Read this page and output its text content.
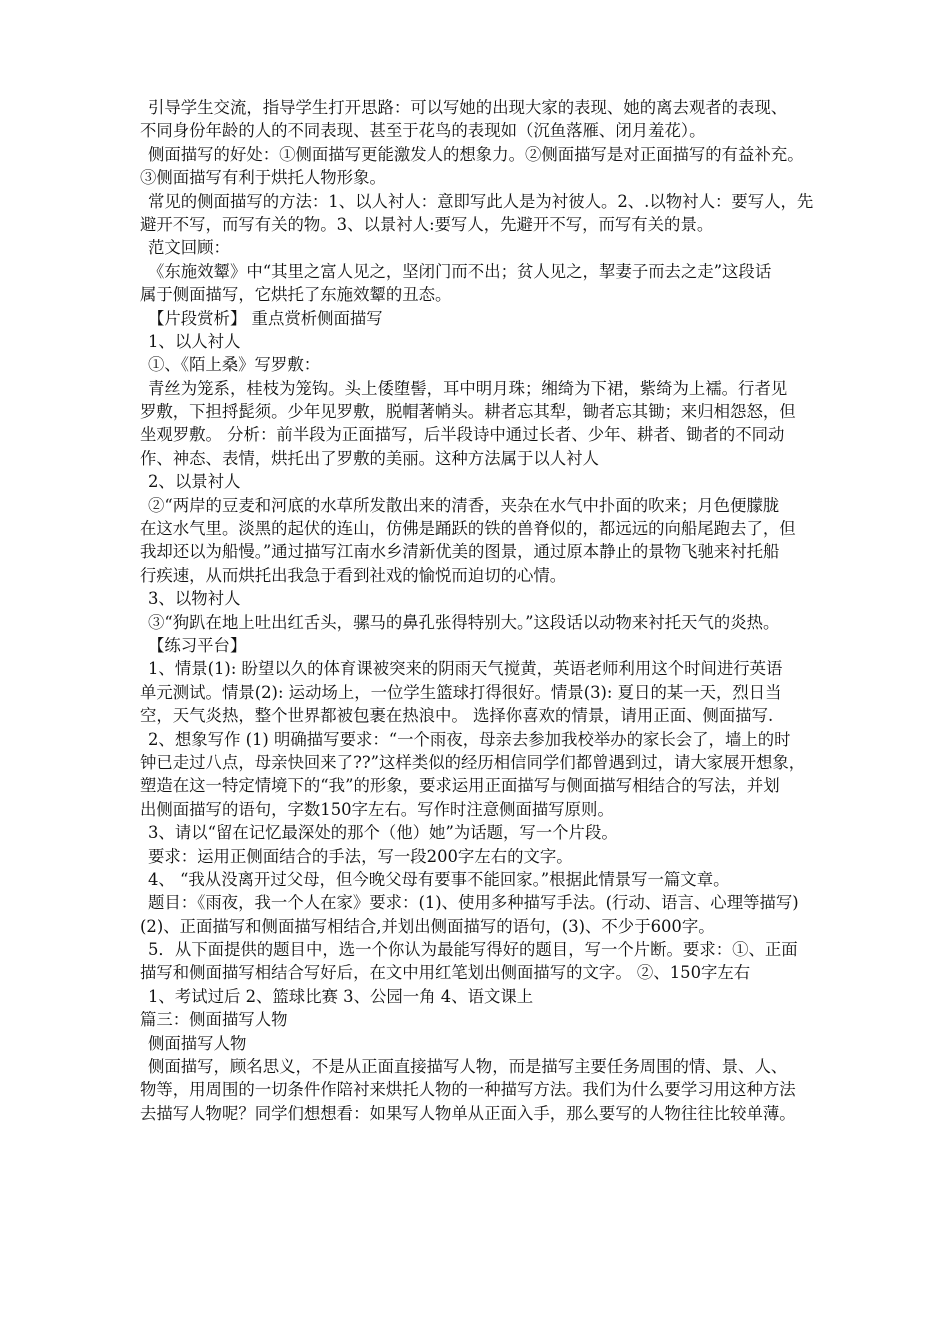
引导学生交流，指导学生打开思路：可以写她的出现大家的表现、她的离去观者的表现、
不同身份年龄的人的不同表现、甚至于花鸟的表现如（沉鱼落雁、闭月羞花）。
侧面描写的好处：①侧面描写更能激发人的想象力。②侧面描写是对正面描写的有益补充。
③侧面描写有利于烘托人物形象。
常见的侧面描写的方法：1、以人衬人：意即写此人是为衬彼人。2、.以物衬人：要写人，先
避开不写，而写有关的物。3、以景衬人:要写人，先避开不写，而写有关的景。
范文回顾：
《东施效颦》中“其里之富人见之，坚闭门而不出；贫人见之，挈妻子而去之走”这段话
属于侧面描写，它烘托了东施效颦的丑态。
【片段赏析】 重点赏析侧面描写
1、以人衬人
①、《陌上桑》写罗敷：
青丝为笼系，桂枝为笼钩。头上倭堕髻，耳中明月珠；缃绮为下裙，紫绮为上襦。行者见
罗敷，下担捋髭须。少年见罗敷，脱帽著帩头。耕者忘其犁，锄者忘其锄；来归相怨怒，但
坐观罗敷。 分析：前半段为正面描写，后半段诗中通过长者、少年、耕者、锄者的不同动
作、神态、表情，烘托出了罗敷的美丽。这种方法属于以人衬人
2、以景衬人
②“两岸的豆麦和河底的水草所发散出来的清香，夹杂在水气中扑面的吹来；月色便朦胧
在这水气里。淡黑的起伏的连山，仿佛是踊跃的铁的兽脊似的，都远远的向船尾跑去了，但
我却还以为船慢。”通过描写江南水乡清新优美的图景，通过原本静止的景物飞驰来衬托船
行疾速，从而烘托出我急于看到社戏的愉悦而迫切的心情。
3、以物衬人
③“狗趴在地上吐出红舌头，骡马的鼻孔张得特别大。”这段话以动物来衬托天气的炎热。
【练习平台】
1、情景(1): 盼望以久的体育课被突来的阴雨天气搅黄，英语老师利用这个时间进行英语
单元测试。情景(2): 运动场上，一位学生篮球打得很好。情景(3): 夏日的某一天，烈日当
空，天气炎热，整个世界都被包裹在热浪中。 选择你喜欢的情景，请用正面、侧面描写.
2、想象写作 (1) 明确描写要求：“一个雨夜，母亲去参加我校举办的家长会了，墙上的时
钟已走过八点，母亲快回来了??”这样类似的经历相信同学们都曾遇到过，请大家展开想象，
塑造在这一特定情境下的“我”的形象，要求运用正面描写与侧面描写相结合的写法，并划
出侧面描写的语句，字数150字左右。写作时注意侧面描写原则。
3、请以“留在记忆最深处的那个（他）她”为话题，写一个片段。
要求：运用正侧面结合的手法，写一段200字左右的文字。
4、 “我从没离开过父母，但今晚父母有要事不能回家。”根据此情景写一篇文章。
题目：《雨夜，我一个人在家》要求：(1)、使用多种描写手法。(行动、语言、心理等描写)
(2)、正面描写和侧面描写相结合,并划出侧面描写的语句，(3)、不少于600字。
5．从下面提供的题目中，选一个你认为最能写得好的题目，写一个片断。要求：①、正面
描写和侧面描写相结合写好后，在文中用红笔划出侧面描写的文字。 ②、150字左右
1、考试过后 2、篮球比赛 3、公园一角 4、语文课上
篇三：侧面描写人物
侧面描写人物
侧面描写，顾名思义，不是从正面直接描写人物，而是描写主要任务周围的情、景、人、
物等，用周围的一切条件作陪衬来烘托人物的一种描写方法。我们为什么要学习用这种方法
去描写人物呢？同学们想想看：如果写人物单从正面入手，那么要写的人物往往比较单薄。
